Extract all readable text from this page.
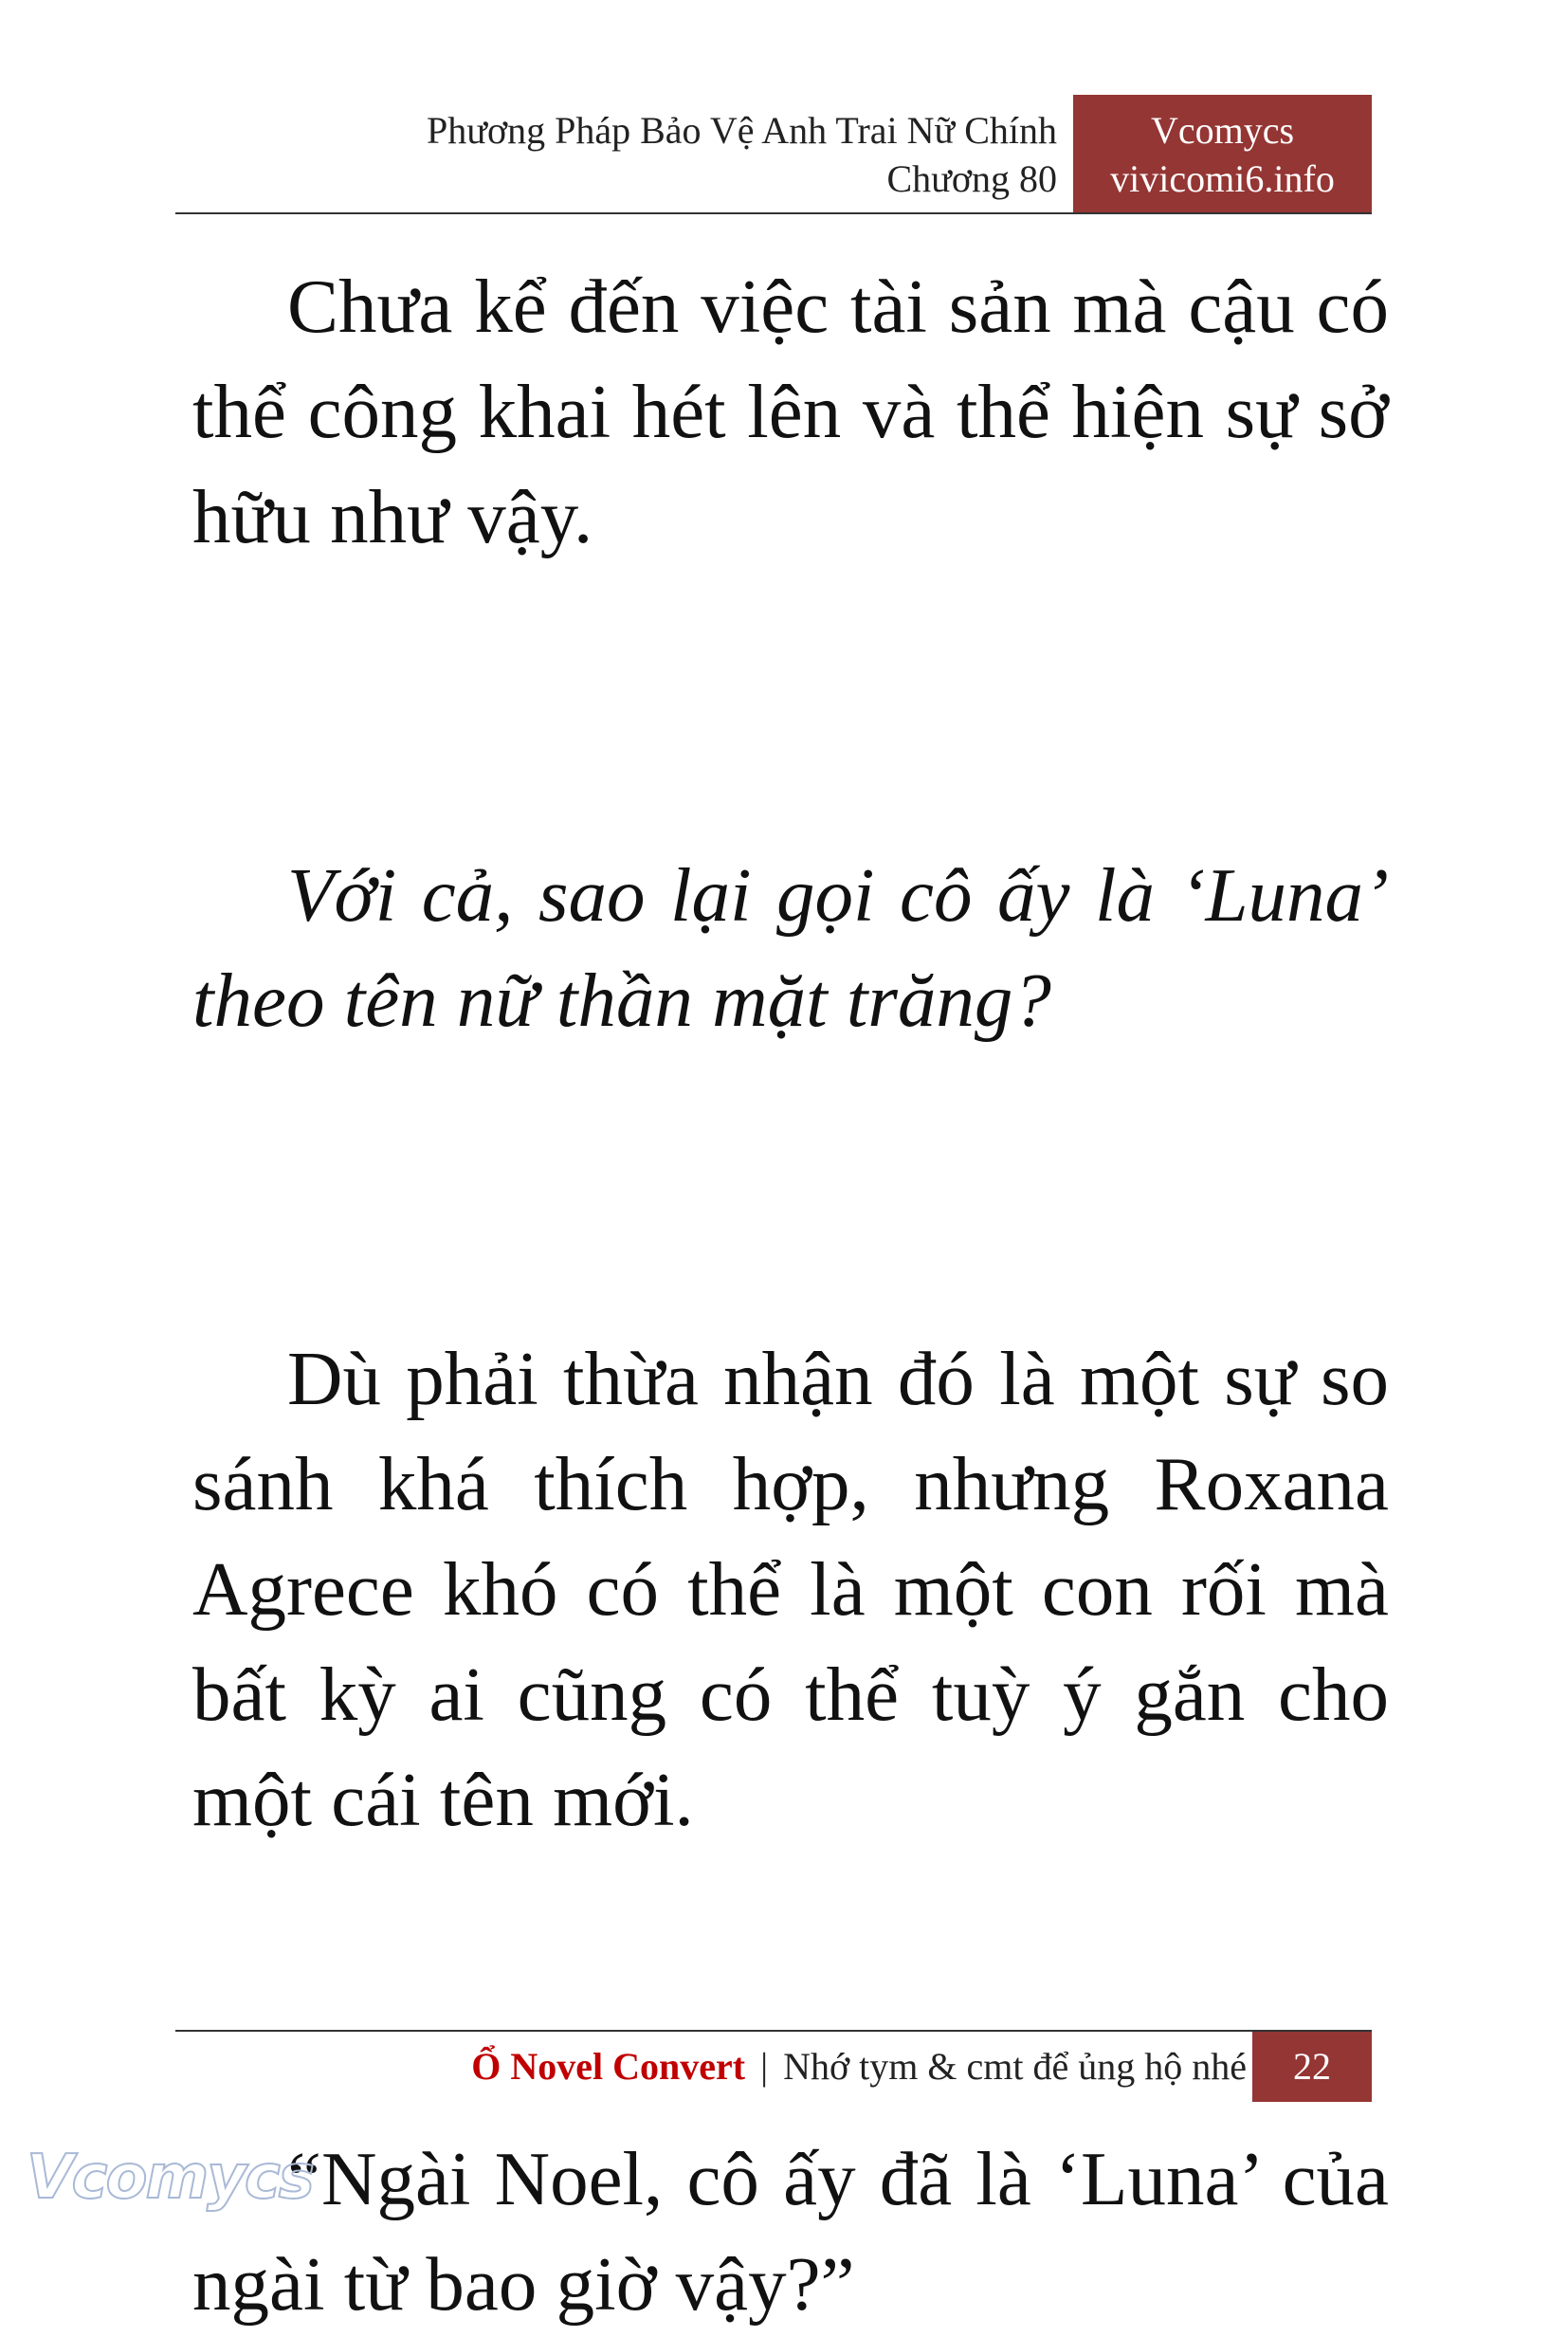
Phương Pháp Bảo Vệ Anh Trai Nữ Chính
Chương 80
Vcomycs
vivicomi6.info

Chưa kể đến việc tài sản mà cậu có thể công khai hét lên và thể hiện sự sở hữu như vậy.

Với cả, sao lại gọi cô ấy là ‘Luna’ theo tên nữ thần mặt trăng?

Dù phải thừa nhận đó là một sự so sánh khá thích hợp, nhưng Roxana Agrece khó có thể là một con rối mà bất kỳ ai cũng có thể tuỳ ý gắn cho một cái tên mới.

“Ngài Noel, cô ấy đã là ‘Luna’ của ngài từ bao giờ vậy?”

Ổ Novel Convert | Nhớ tym & cmt để ủng hộ nhé	22
Vcomycs
